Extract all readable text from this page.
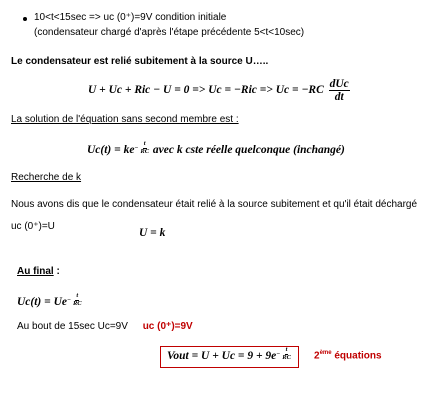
10<t<15sec => uc (0⁺)=9V condition initiale
(condensateur chargé d'après l'étape précédente 5<t<10sec)
Le condensateur est relié subitement à la source U…..
U + Uc + Ric − $U = 0 => Uc = -Ric => Uc = -RC \frac{\text{dUc}}{dt}$
La solution de l'équation sans second membre est :
$Uc(t) = ke^- \frac{t}{RC}$ avec k cste réelle quelconque (inchangé)
Recherche de k
Nous avons dis que le condensateur était relié à la source subitement et qu'il était déchargé
uc (0⁺)=U
U = k
Au final :
$Uc(t) = Ue^- \frac{t}{RC}$
Au bout de 15sec Uc=9V uc (0⁺)=9V
Vout = $U + Uc = 9 + 9e^- \frac{t}{RC} 2ème$ équations
